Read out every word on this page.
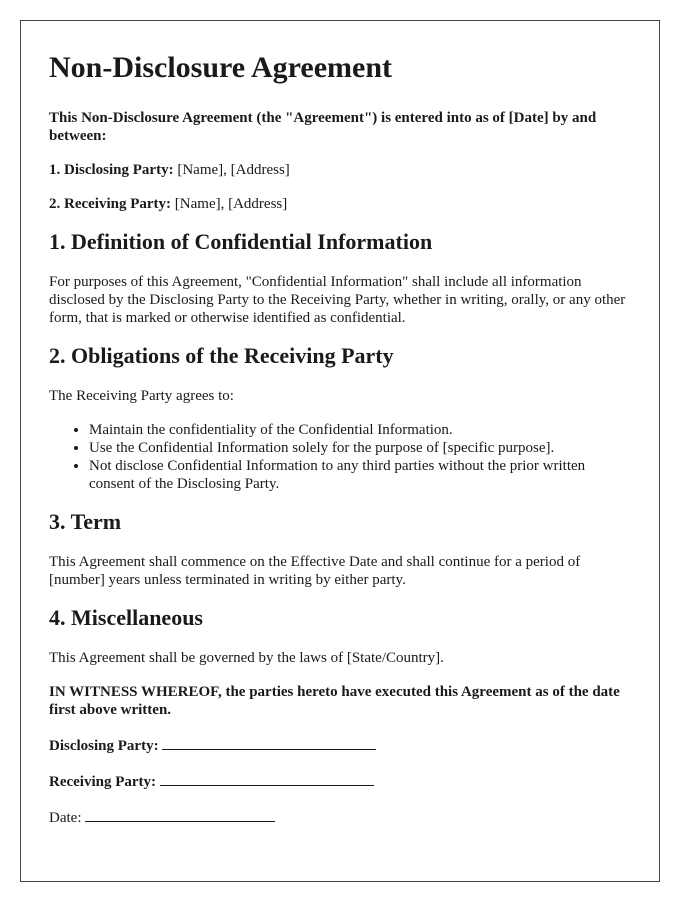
Non-Disclosure Agreement

This Non-Disclosure Agreement (the "Agreement") is entered into as of [Date] by and between:

1. Disclosing Party: [Name], [Address]

2. Receiving Party: [Name], [Address]

1. Definition of Confidential Information

For purposes of this Agreement, "Confidential Information" shall include all information disclosed by the Disclosing Party to the Receiving Party, whether in writing, orally, or any other form, that is marked or otherwise identified as confidential.

2. Obligations of the Receiving Party

The Receiving Party agrees to:

• Maintain the confidentiality of the Confidential Information.
• Use the Confidential Information solely for the purpose of [specific purpose].
• Not disclose Confidential Information to any third parties without the prior written consent of the Disclosing Party.
3. Term

This Agreement shall commence on the Effective Date and shall continue for a period of [number] years unless terminated in writing by either party.

4. Miscellaneous

This Agreement shall be governed by the laws of [State/Country].

IN WITNESS WHEREOF, the parties hereto have executed this Agreement as of the date first above written.

Disclosing Party:

Receiving Party:

Date:
